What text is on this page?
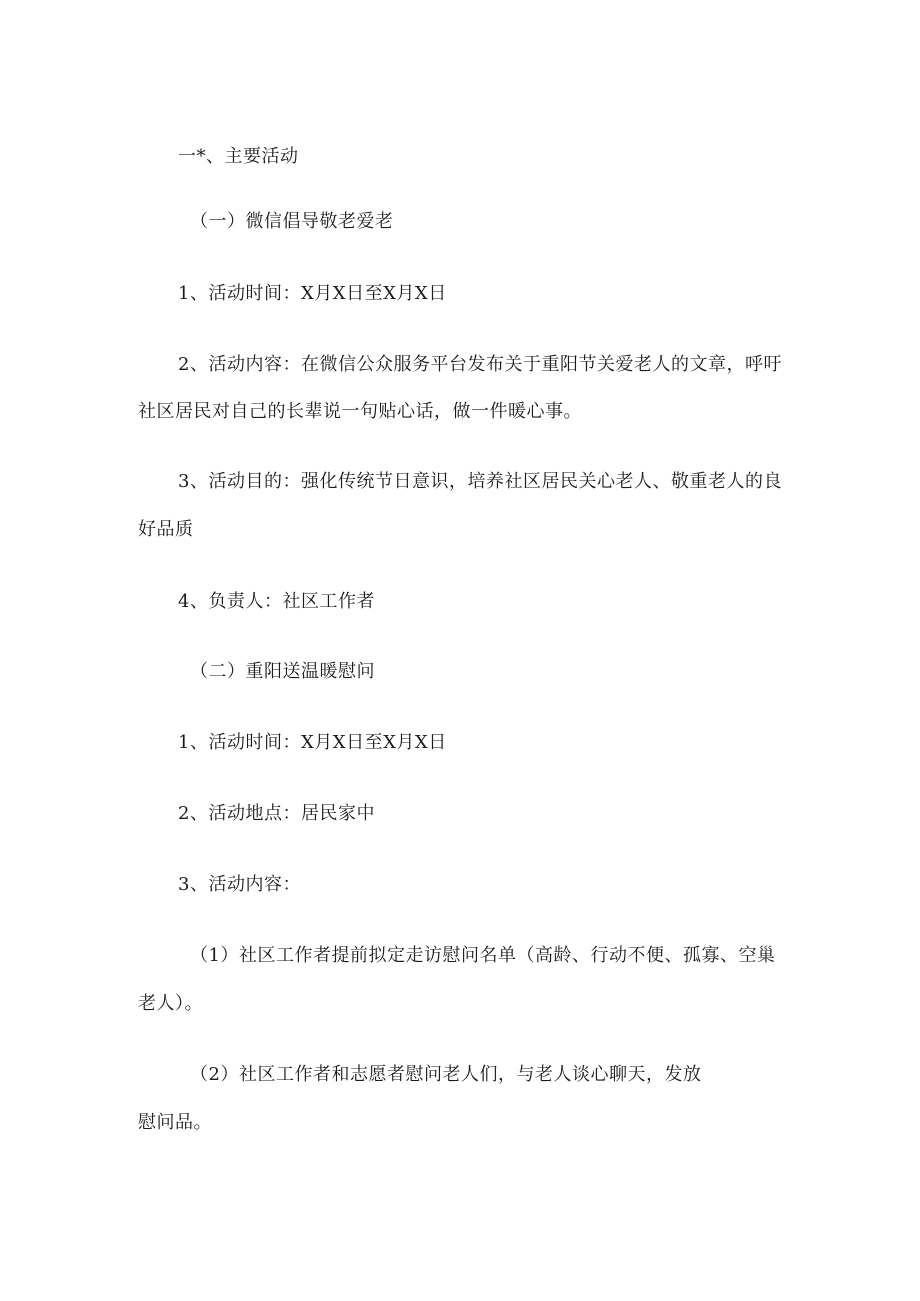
一*、主要活动

（一）微信倡导敬老爱老

1、活动时间：X月X日至X月X日

2、活动内容：在微信公众服务平台发布关于重阳节关爱老人的文章，呼吁

社区居民对自己的长辈说一句贴心话，做一件暖心事。

3、活动目的：强化传统节日意识，培养社区居民关心老人、敬重老人的良

好品质

4、负责人：社区工作者

（二）重阳送温暖慰问

1、活动时间：X月X日至X月X日

2、活动地点：居民家中

3、活动内容：

（1）社区工作者提前拟定走访慰问名单（高龄、行动不便、孤寡、空巢

老人）。

（2）社区工作者和志愿者慰问老人们，与老人谈心聊天，发放

慰问品。
